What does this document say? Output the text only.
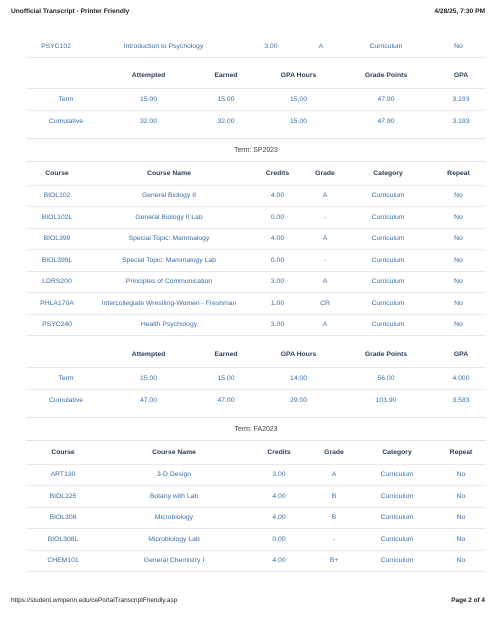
Unofficial Transcript - Printer Friendly	4/28/25, 7:30 PM
PSYC102	Introduction to Psychology	3.00	A	Curriculum	No
	Attempted	Earned	GPA Hours	Grade Points	GPA
Term	15.00	15.00	15.00	47.90	3.193
Cumulative	32.00	32.00	15.00	47.90	3.193
Term: SP2023
Course	Course Name	Credits	Grade	Category	Repeat
BIOL102	General Biology II	4.00	A	Curriculum	No
BIOL102L	General Biology II Lab	0.00	-	Curriculum	No
BIOL399	Special Topic: Mammalogy	4.00	A	Curriculum	No
BIOL399L	Special Topic: Mammalogy Lab	0.00	-	Curriculum	No
LDRS200	Principles of Communication	3.00	A	Curriculum	No
PHLA170A	Intercollegiate Wrestling-Women - Freshman	1.00	CR	Curriculum	No
PSYC240	Health Psychology	3.00	A	Curriculum	No
	Attempted	Earned	GPA Hours	Grade Points	GPA
Term	15.00	15.00	14.00	56.00	4.000
Cumulative	47.00	47.00	29.00	103.90	3.583
Term: FA2023
Course	Course Name	Credits	Grade	Category	Repeat
ART130	3-D Design	3.00	A	Curriculum	No
BIOL225	Botany with Lab	4.00	B	Curriculum	No
BIOL308	Microbiology	4.00	B	Curriculum	No
BIOL308L	Microbiology Lab	0.00	-	Curriculum	No
CHEM101	General Chemistry I	4.00	B+	Curriculum	No
https://student.wmpenn.edu/cePortalTranscriptFriendly.asp	Page 2 of 4
